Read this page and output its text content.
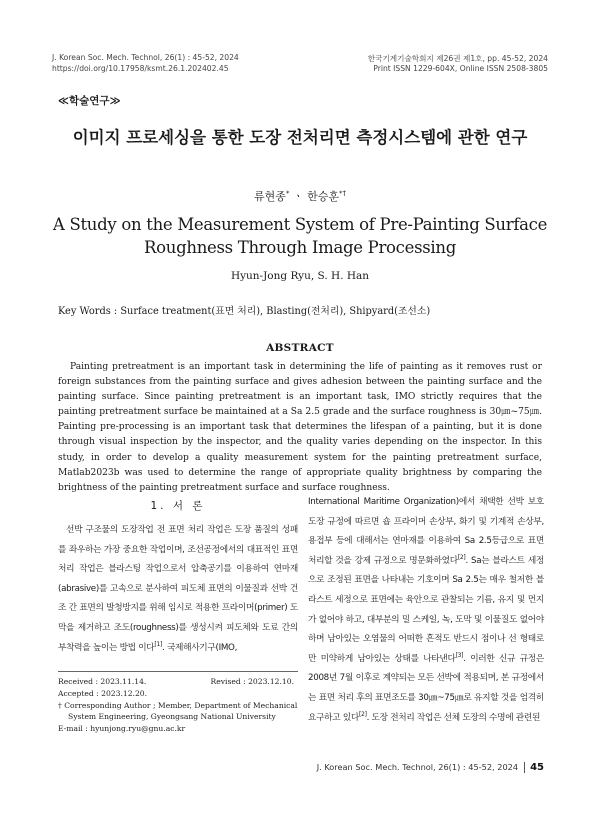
J. Korean Soc. Mech. Technol, 26(1) : 45-52, 2024
https://doi.org/10.17958/ksmt.26.1.202402.45
한국기계기술학회지 제26권 제1호, pp. 45-52, 2024
Print ISSN 1229-604X, Online ISSN 2508-3805
≪학술연구≫
이미지 프로세싱을 통한 도장 전처리면 측정시스템에 관한 연구
류현종* ㆍ 한승훈*†
A Study on the Measurement System of Pre-Painting Surface Roughness Through Image Processing
Hyun-Jong Ryu, S. H. Han
Key Words : Surface treatment(표면 처리), Blasting(전처리), Shipyard(조선소)
ABSTRACT

Painting pretreatment is an important task in determining the life of painting as it removes rust or foreign substances from the painting surface and gives adhesion between the painting surface and the painting surface. Since painting pretreatment is an important task, IMO strictly requires that the painting pretreatment surface be maintained at a Sa 2.5 grade and the surface roughness is 30㎛~75㎛. Painting pre-processing is an important task that determines the lifespan of a painting, but it is done through visual inspection by the inspector, and the quality varies depending on the inspector. In this study, in order to develop a quality measurement system for the painting pretreatment surface, Matlab2023b was used to determine the range of appropriate quality brightness by comparing the brightness of the painting pretreatment surface and surface roughness.

1. 서 론

선박 구조물의 도장작업 전 표면 처리 작업은 도장 품질의 성패를 좌우하는 가장 중요한 작업이며, 조선공정에서의 대표적인 표면 처리 작업은 블라스팅 작업으로서 압축공기를 이용하여 연마재(abrasive)를 고속으로 분사하여 피도체 표면의 이물질과 선박 건조 간 표면의 발청방지를 위해 임시로 적용한 프라이머(primer) 도막을 제거하고 조도(roughness)를 생성시켜 피도체와 도료 간의 부착력을 높이는 방법 이다[1]. 국제해사기구(IMO,

International Maritime Organization)에서 채택한 선박 보호 도장 규정에 따르면 숍 프라이머 손상부, 화기 및 기계적 손상부, 용접부 등에 대해서는 연마재를 이용하여 Sa 2.5등급으로 표면 처리할 것을 강제 규정으로 명문화하였다[2]. Sa는 블라스트 세정으로 조정된 표면을 나타내는 기호이며 Sa 2.5는 매우 철저한 블라스트 세정으로 표면에는 육안으로 관찰되는 기름, 유지 및 먼지가 없어야 하고, 대부분의 밀 스케일, 녹, 도막 및 이물질도 없어야 하며 남아있는 오염물의 어떠한 흔적도 반드시 점이나 선 형태로만 미약하게 남아있는 상태를 나타낸다[3]. 이러한 신규 규정은 2008년 7월 이후로 계약되는 모든 선박에 적용되며, 본 규정에서는 표면 처리 후의 표면조도를 30㎛~75㎛로 유지할 것을 엄격히 요구하고 있다[2]. 도장 전처리 작업은 선체 도장의 수명에 관련된

Received : 2023.11.14.	Revised : 2023.12.10.
Accepted : 2023.12.20.
† Corresponding Author ; Member, Department of Mechanical System Engineering, Gyeongsang National University
E-mail : hyunjong.ryu@gnu.ac.kr
J. Korean Soc. Mech. Technol, 26(1) : 45-52, 2024 45
